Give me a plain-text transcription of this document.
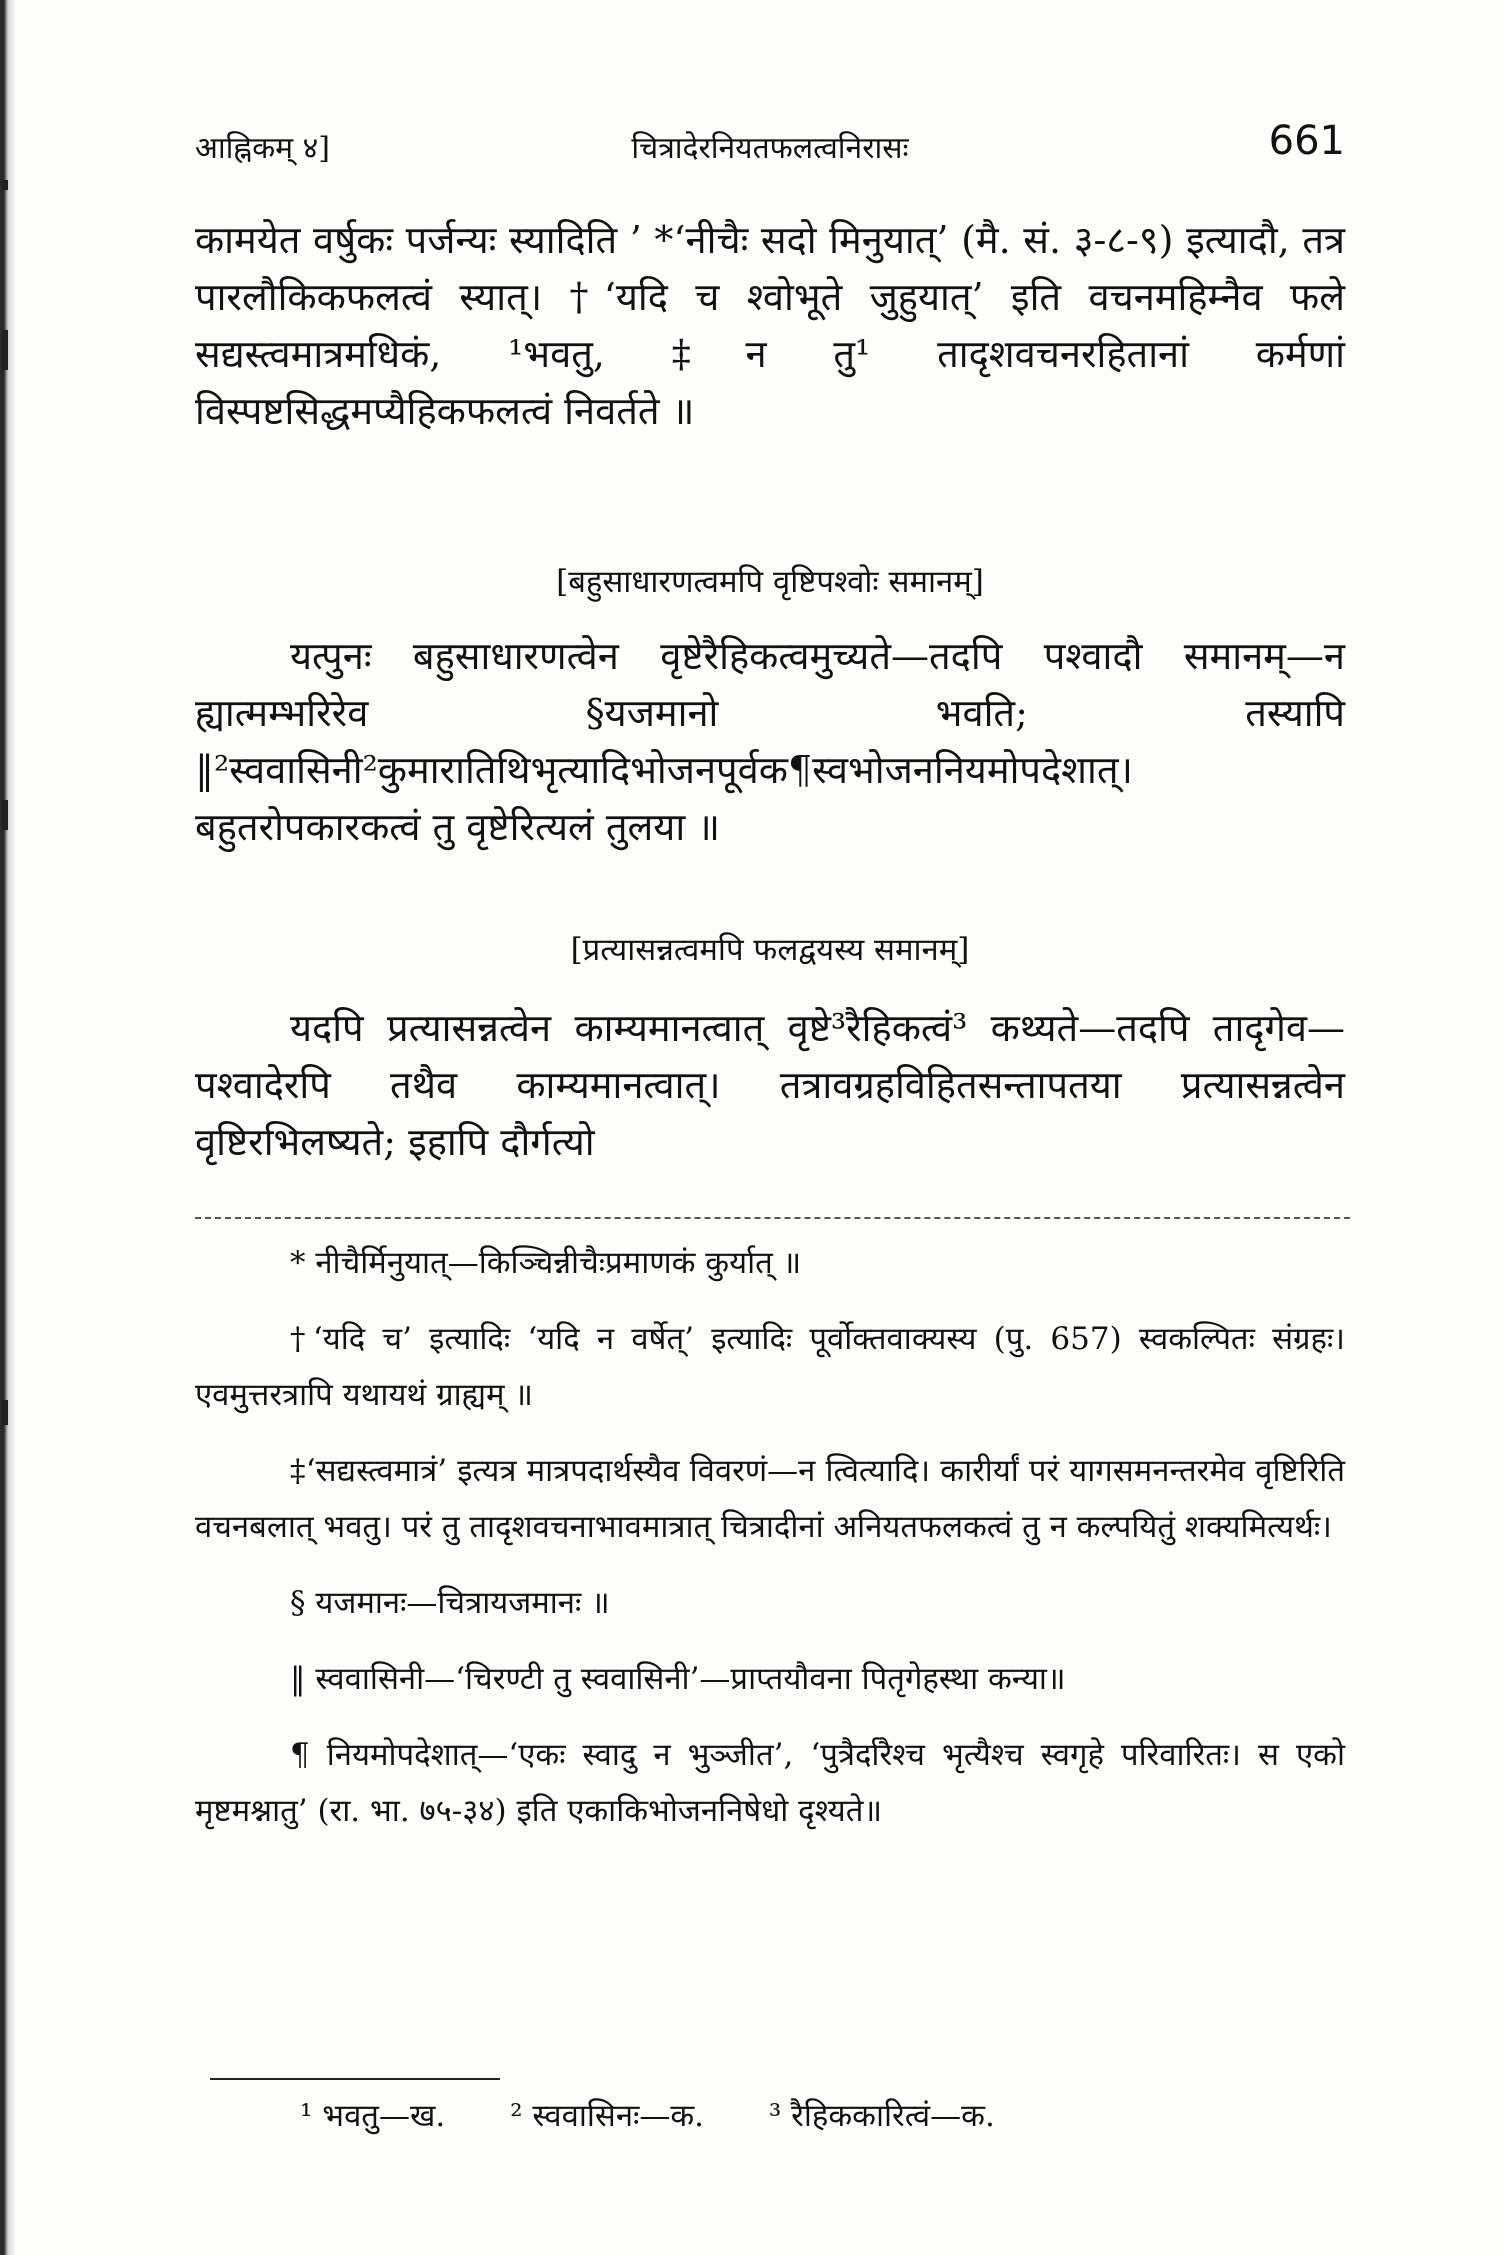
आह्निकम् ४]	चित्रादेरनियतफलत्वनिरासः	661

कामयेत वर्षुकः पर्जन्यः स्यादिति ’ *‘नीचैः सदो मिनुयात्’ (मै. सं. ३-८-९) इत्यादौ, तत्र पारलौकिकफलत्वं स्यात्। †‘यदि च श्वोभूते जुहुयात्’ इति वचनमहिम्नैव फले सद्यस्त्वमात्रमधिकं, ¹भवतु, ‡न तु¹ तादृशवचनरहितानां कर्मणां विस्पष्टसिद्धमप्यैहिकफलत्वं निवर्तते ॥

[बहुसाधारणत्वमपि वृष्टिपश्वोः समानम्]

यत्पुनः बहुसाधारणत्वेन वृष्टेरैहिकत्वमुच्यते—तदपि पश्वादौ समानम्—न ह्यात्मम्भरिरेव §यजमानो भवति; तस्यापि ‖²स्ववासिनी²कुमारातिथिभृत्यादिभोजनपूर्वक¶स्वभोजननियमोपदेशात्। बहुतरोपकारकत्वं तु वृष्टेरित्यलं तुलया ॥

[प्रत्यासन्नत्वमपि फलद्वयस्य समानम्]

यदपि प्रत्यासन्नत्वेन काम्यमानत्वात् वृष्टे³रैहिकत्वं³ कथ्यते—तदपि तादृगेव—पश्वादेरपि तथैव काम्यमानत्वात्। तत्रावग्रहविहितसन्तापतया प्रत्यासन्नत्वेन वृष्टिरभिलष्यते; इहापि दौर्गत्यो

* नीचैर्मिनुयात्—किञ्चिन्नीचैःप्रमाणकं कुर्यात् ॥

†‘यदि च’ इत्यादिः ‘यदि न वर्षेत्’ इत्यादिः पूर्वोक्तवाक्यस्य (पु. 657) स्वकल्पितः संग्रहः। एवमुत्तरत्रापि यथायथं ग्राह्यम् ॥

‡‘सद्यस्त्वमात्रं’ इत्यत्र मात्रपदार्थस्यैव विवरणं—न त्वित्यादि। कारीर्यां परं यागसमनन्तरमेव वृष्टिरिति वचनबलात् भवतु। परं तु तादृशवचनाभावमात्रात् चित्रादीनां अनियतफलकत्वं तु न कल्पयितुं शक्यमित्यर्थः।

§ यजमानः—चित्रायजमानः ॥

‖ स्ववासिनी—‘चिरण्टी तु स्ववासिनी’—प्राप्तयौवना पितृगेहस्था कन्या॥

¶ नियमोपदेशात्—‘एकः स्वादु न भुञ्जीत’, ‘पुत्रैर्दारैश्च भृत्यैश्च स्वगृहे परिवारितः। स एको मृष्टमश्नातु’ (रा. भा. ७५-३४) इति एकाकिभोजननिषेधो दृश्यते॥

¹ भवतु—ख. ² स्ववासिनः—क. ³ रैहिककारित्वं—क.
